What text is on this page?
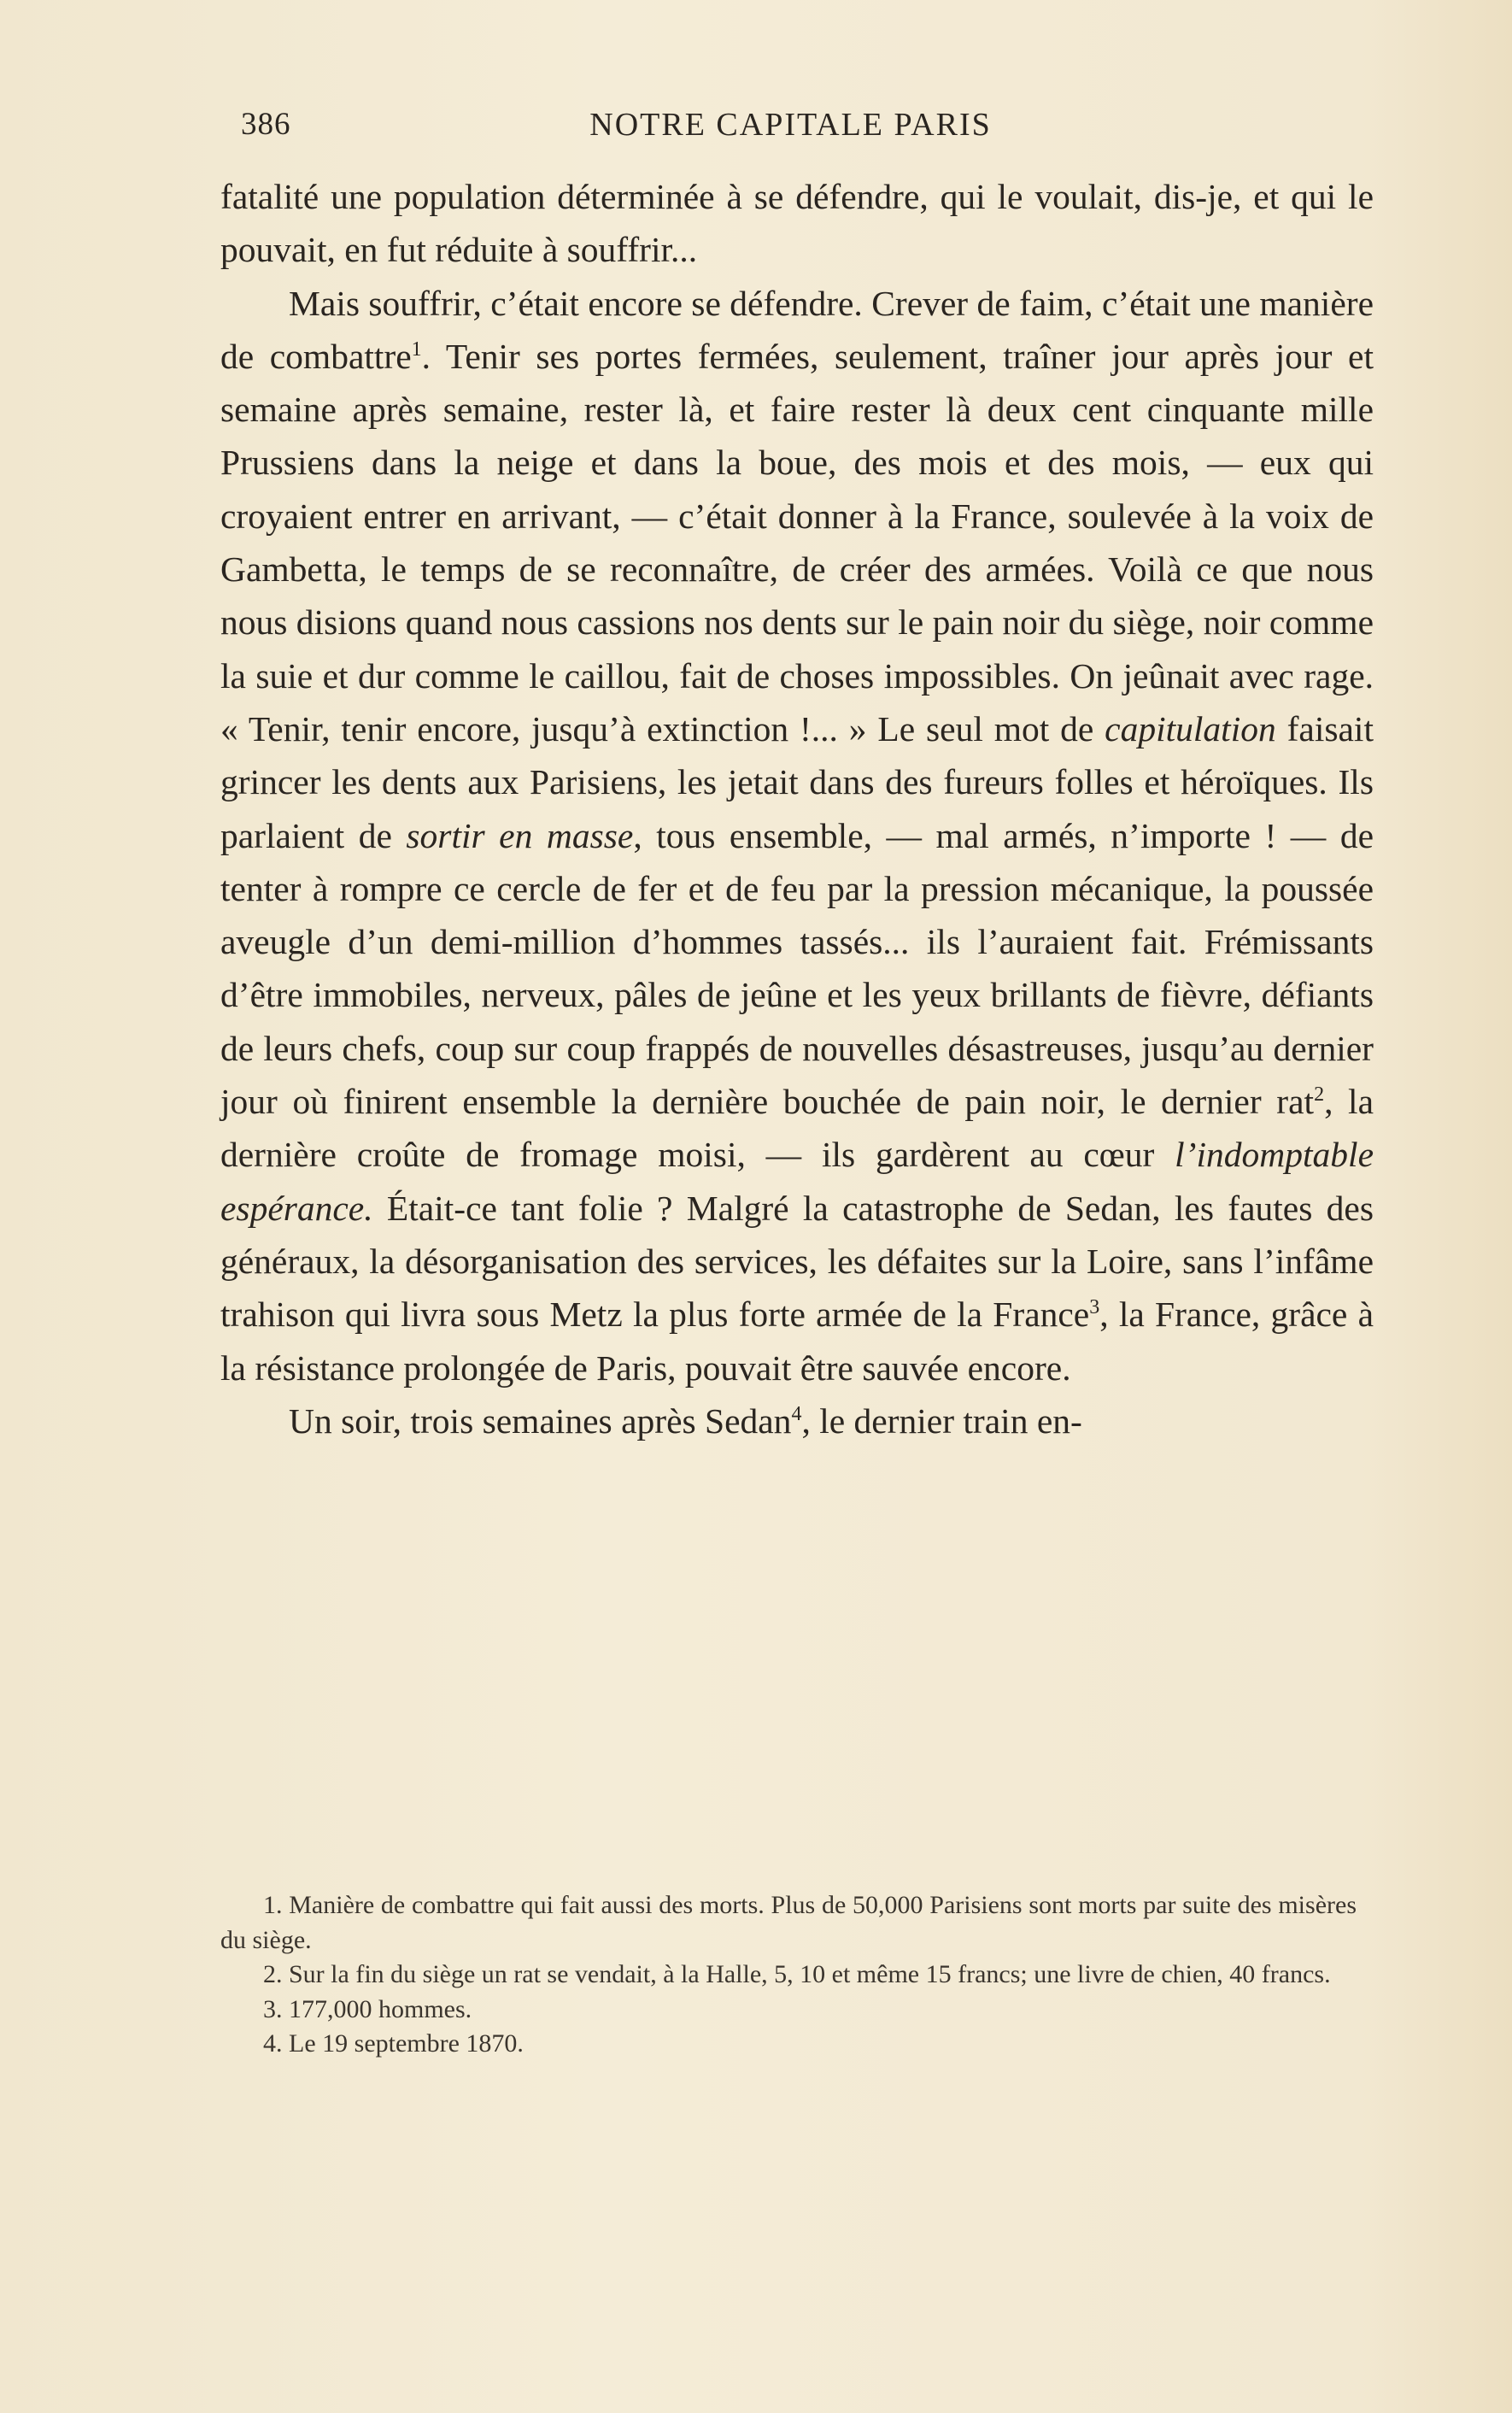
386	NOTRE CAPITALE PARIS

fatalité une population déterminée à se défendre, qui le voulait, dis-je, et qui le pouvait, en fut réduite à souffrir...

Mais souffrir, c’était encore se défendre. Crever de faim, c’était une manière de combattre$^1$. Tenir ses portes fermées, seulement, traîner jour après jour et semaine après semaine, rester là, et faire rester là deux cent cinquante mille Prussiens dans la neige et dans la boue, des mois et des mois, — eux qui croyaient entrer en arrivant, — c’était donner à la France, soulevée à la voix de Gambetta, le temps de se reconnaître, de créer des armées. Voilà ce que nous nous disions quand nous cassions nos dents sur le pain noir du siège, noir comme la suie et dur comme le caillou, fait de choses impossibles. On jeûnait avec rage. « Tenir, tenir encore, jusqu’à extinction !... » Le seul mot de capitulation faisait grincer les dents aux Parisiens, les jetait dans des fureurs folles et héroïques. Ils parlaient de sortir en masse, tous ensemble, — mal armés, n’importe ! — de tenter à rompre ce cercle de fer et de feu par la pression mécanique, la poussée aveugle d’un demi-million d’hommes tassés... ils l’auraient fait. Frémissants d’être immobiles, nerveux, pâles de jeûne et les yeux brillants de fièvre, défiants de leurs chefs, coup sur coup frappés de nouvelles désastreuses, jusqu’au dernier jour où finirent ensemble la dernière bouchée de pain noir, le dernier rat$^2$, la dernière croûte de fromage moisi, — ils gardèrent au cœur l’indomptable espérance. Était-ce tant folie ? Malgré la catastrophe de Sedan, les fautes des généraux, la désorganisation des services, les défaites sur la Loire, sans l’infâme trahison qui livra sous Metz la plus forte armée de la France$^3$, la France, grâce à la résistance prolongée de Paris, pouvait être sauvée encore.

Un soir, trois semaines après Sedan$^4$, le dernier train en-

1. Manière de combattre qui fait aussi des morts. Plus de 50,000 Parisiens sont morts par suite des misères du siège.

2. Sur la fin du siège un rat se vendait, à la Halle, 5, 10 et même 15 francs; une livre de chien, 40 francs.

3. 177,000 hommes.

4. Le 19 septembre 1870.
